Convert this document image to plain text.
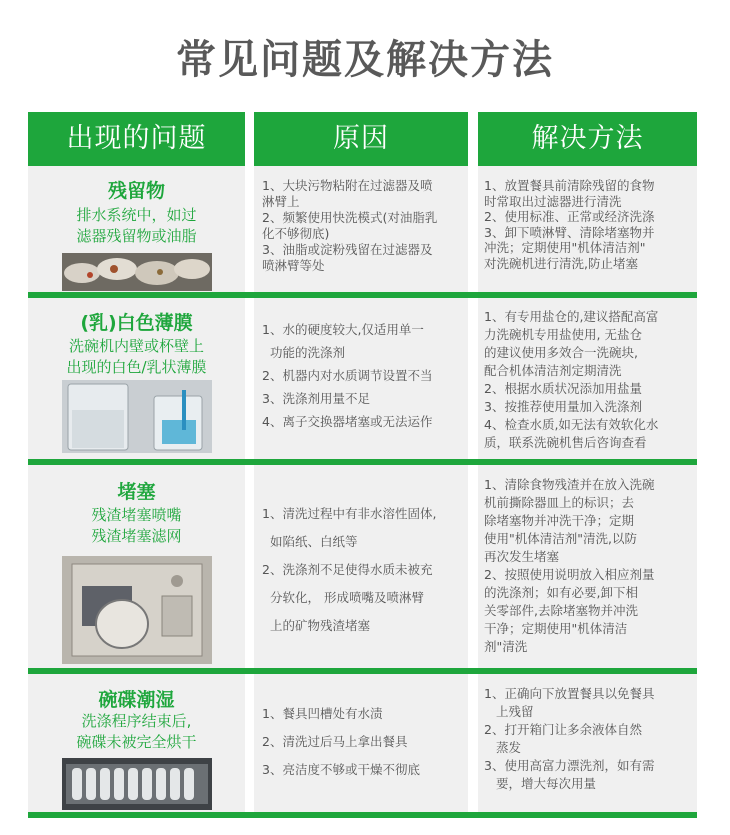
常见问题及解决方法
出现的问题	原因	解决方法
残留物
排水系统中，如过
滤器残留物或油脂
1、大块污物粘附在过滤器及喷
淋臂上
2、频繁使用快洗模式(对油脂乳
化不够彻底)
3、油脂或淀粉残留在过滤器及
喷淋臂等处
1、放置餐具前清除残留的食物
时常取出过滤器进行清洗
2、使用标准、正常或经济洗涤
3、卸下喷淋臂、清除堵塞物并
冲洗；定期使用"机体清洁剂"
对洗碗机进行清洗,防止堵塞
(乳)白色薄膜
洗碗机内壁或杯壁上
出现的白色/乳状薄膜
1、水的硬度较大,仅适用单一
功能的洗涤剂
2、机器内对水质调节设置不当
3、洗涤剂用量不足
4、离子交换器堵塞或无法运作
1、有专用盐仓的,建议搭配高富
力洗碗机专用盐使用, 无盐仓
的建议使用多效合一洗碗块,
配合机体清洁剂定期清洗
2、根据水质状况添加用盐量
3、按推荐使用量加入洗涤剂
4、检查水质,如无法有效软化水
质，联系洗碗机售后咨询查看
堵塞
残渣堵塞喷嘴
残渣堵塞滤网
1、清洗过程中有非水溶性固体,
如陷纸、白纸等
2、洗涤剂不足使得水质未被充
分软化， 形成喷嘴及喷淋臂
上的矿物残渣堵塞
1、清除食物残渣并在放入洗碗
机前撕除器皿上的标识；去
除堵塞物并冲洗干净；定期
使用"机体清洁剂"清洗,以防
再次发生堵塞
2、按照使用说明放入相应剂量
的洗涤剂；如有必要,卸下相
关零部件,去除堵塞物并冲洗
干净；定期使用"机体清洁
剂"清洗
碗碟潮湿
洗涤程序结束后,
碗碟未被完全烘干
1、餐具凹槽处有水渍
2、清洗过后马上拿出餐具
3、亮洁度不够或干燥不彻底
1、正确向下放置餐具以免餐具
上残留
2、打开箱门让多余液体自然
蒸发
3、使用高富力漂洗剂，如有需
要，增大每次用量
